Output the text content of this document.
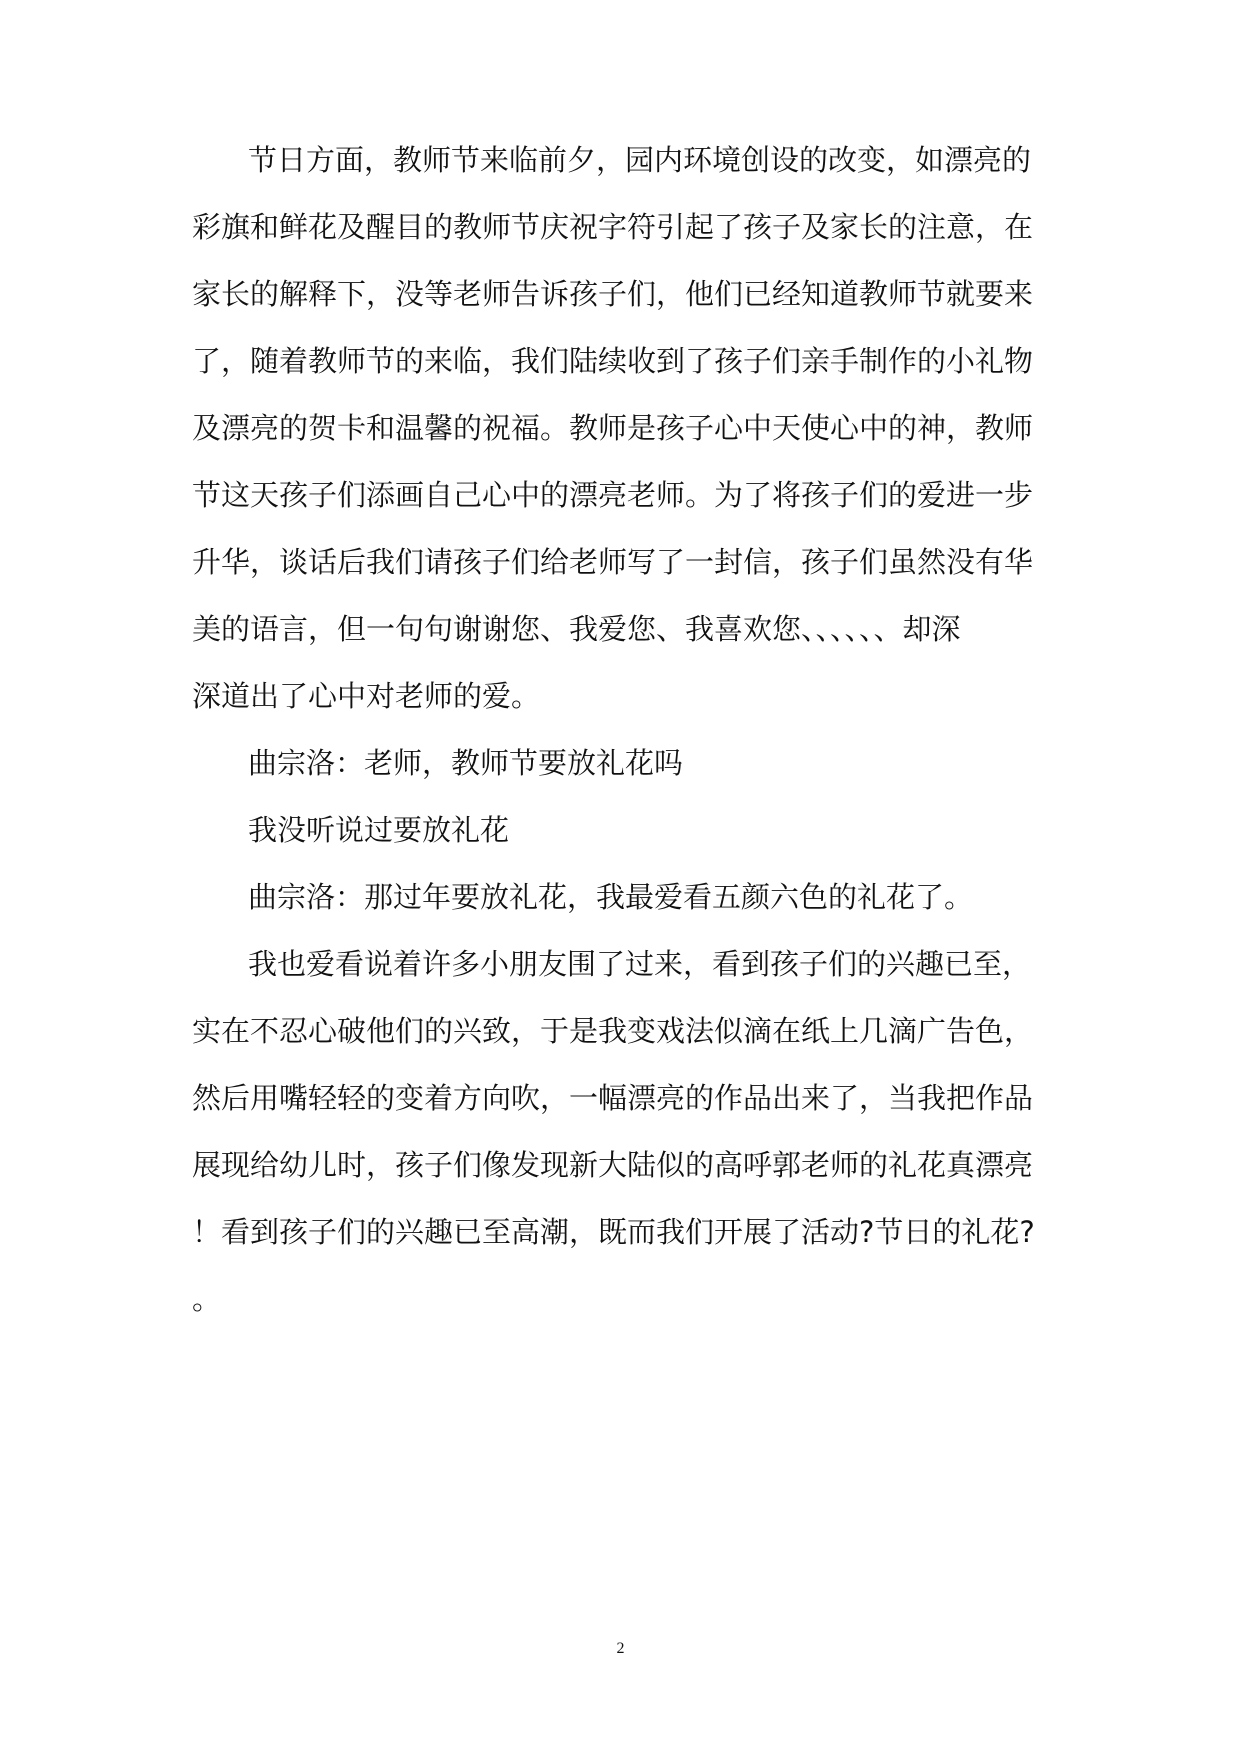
节日方面，教师节来临前夕，园内环境创设的改变，如漂亮的
彩旗和鲜花及醒目的教师节庆祝字符引起了孩子及家长的注意，在
家长的解释下，没等老师告诉孩子们，他们已经知道教师节就要来
了，随着教师节的来临，我们陆续收到了孩子们亲手制作的小礼物
及漂亮的贺卡和温馨的祝福。教师是孩子心中天使心中的神，教师
节这天孩子们添画自己心中的漂亮老师。为了将孩子们的爱进一步
升华，谈话后我们请孩子们给老师写了一封信，孩子们虽然没有华
美的语言，但一句句谢谢您、我爱您、我喜欢您、、、、、、却深
深道出了心中对老师的爱。
曲宗洛：老师，教师节要放礼花吗
我没听说过要放礼花
曲宗洛：那过年要放礼花，我最爱看五颜六色的礼花了。
我也爱看说着许多小朋友围了过来，看到孩子们的兴趣已至，
实在不忍心破他们的兴致，于是我变戏法似滴在纸上几滴广告色，
然后用嘴轻轻的变着方向吹，一幅漂亮的作品出来了，当我把作品
展现给幼儿时，孩子们像发现新大陆似的高呼郭老师的礼花真漂亮
！看到孩子们的兴趣已至高潮，既而我们开展了活动?节日的礼花?
。
2
